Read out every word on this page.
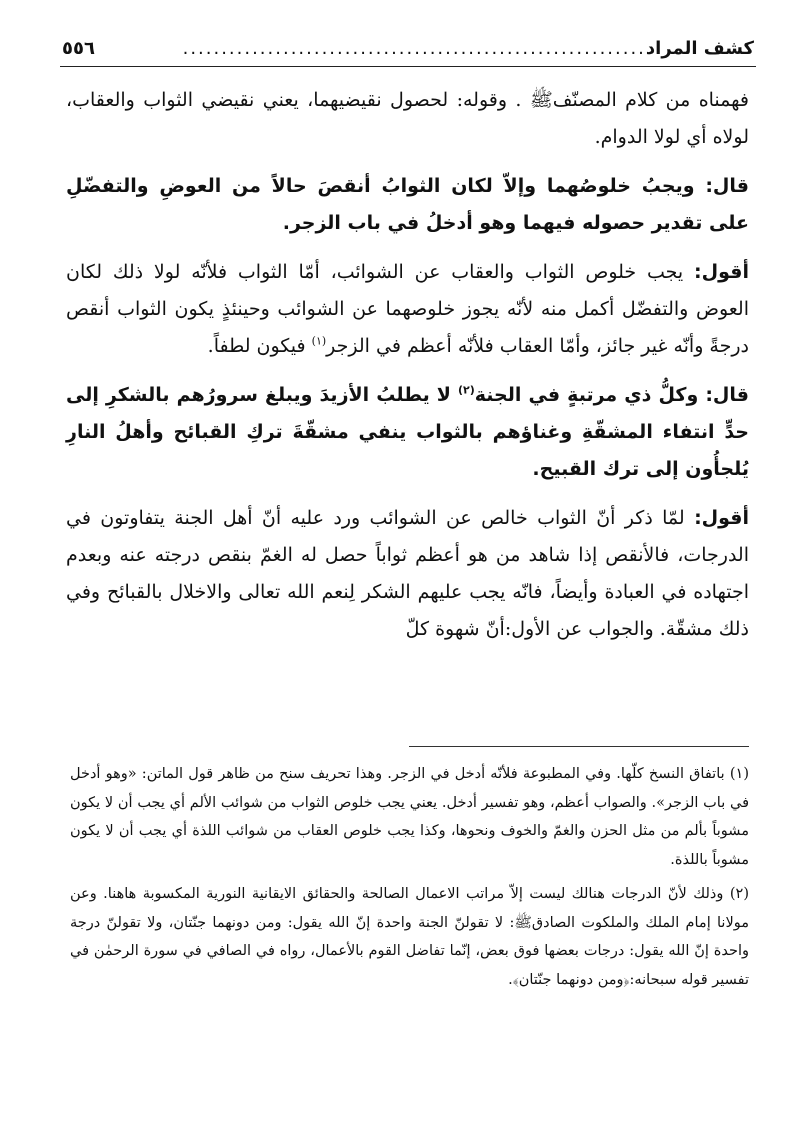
كشف المراد
............................................................
٥٥٦

فهمناه من كلام المصنّفﷺ . وقوله: لحصول نقيضيهما، يعني نقيضي الثواب والعقاب، لولاه أي لولا الدوام.

قال: ويجبُ خلوصُهما وإلاّ لكان الثوابُ أنقصَ حالاً من العوضِ والتفضّلِ على تقدير حصوله فيهما وهو أدخلُ في باب الزجر.

أقول: يجب خلوص الثواب والعقاب عن الشوائب، أمّا الثواب فلأنّه لولا ذلك لكان العوض والتفضّل أكمل منه لأنّه يجوز خلوصهما عن الشوائب وحينئذٍ يكون الثواب أنقص درجةً وأنّه غير جائز، وأمّا العقاب فلأنّه أعظم في الزجر$^{(١)}$ فيكون لطفاً.

قال: وكلُّ ذي مرتبةٍ في الجنة$^{(٢)}$ لا يطلبُ الأزيدَ ويبلغ سرورُهم بالشكرِ إلى حدٍّ انتفاء المشقّةِ وغناؤهم بالثواب ينفي مشقّةَ تركِ القبائح وأهلُ النارِ يُلجأُون إلى ترك القبيح.

أقول: لمّا ذكر أنّ الثواب خالص عن الشوائب ورد عليه أنّ أهل الجنة يتفاوتون في الدرجات، فالأنقص إذا شاهد من هو أعظم ثواباً حصل له الغمّ بنقص درجته عنه وبعدم اجتهاده في العبادة وأيضاً، فانّه يجب عليهم الشكر لِنعم الله تعالى والاخلال بالقبائح وفي ذلك مشقّة. والجواب عن الأول:أنّ شهوة كلّ

(١) باتفاق النسخ كلّها. وفي المطبوعة فلأنّه أدخل في الزجر. وهذا تحريف سنح من ظاهر قول الماتن: «وهو أدخل في باب الزجر». والصواب أعظم، وهو تفسير أدخل. يعني يجب خلوص الثواب من شوائب الألم أي يجب أن لا يكون مشوباً بألم من مثل الحزن والغمّ والخوف ونحوها، وكذا يجب خلوص العقاب من شوائب اللذة أي يجب أن لا يكون مشوباً باللذة.

(٢) وذلك لأنّ الدرجات هنالك ليست إلاّ مراتب الاعمال الصالحة والحقائق الايقانية النورية المكسوبة هاهنا. وعن مولانا إمام الملك والملكوت الصادقﷺ: لا تقولنّ الجنة واحدة إنّ الله يقول: ومن دونهما جنّتان، ولا تقولنّ درجة واحدة إنّ الله يقول: درجات بعضها فوق بعض، إنّما تفاضل القوم بالأعمال، رواه في الصافي في سورة الرحمٰن في تفسير قوله سبحانه:﴿ومن دونهما جنّتان﴾.
